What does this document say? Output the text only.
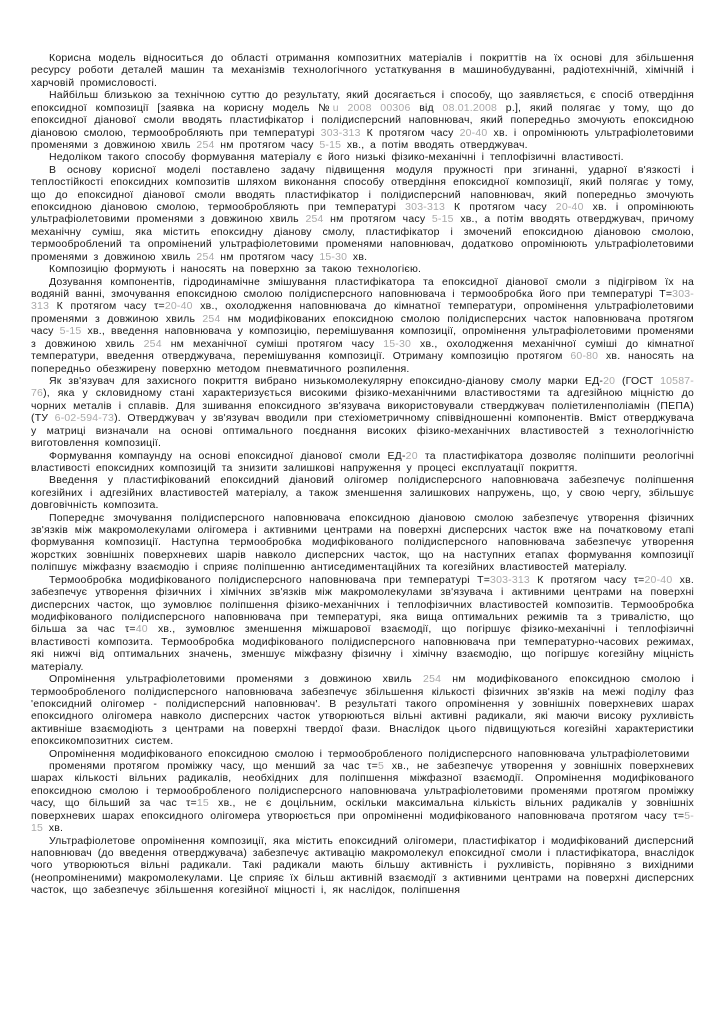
Корисна модель відноситься до області отримання композитних матеріалів і покриттів на їх основі для збільшення ресурсу роботи деталей машин та механізмів технологічного устаткування в машинобудуванні, радіотехнічній, хімічній і харчовій промисловості.

Найбільш близькою за технічною суттю до результату, який досягається і способу, що заявляється, є спосіб отвердіння епоксидної композиції [заявка на корисну модель №u 2008 00306 від 08.01.2008 р.], який полягає у тому, що до епоксидної діанової смоли вводять пластифікатор і полідисперсний наповнювач, який попередньо змочують епоксидною діановою смолою, термообробляють при температурі 303-313 К протягом часу 20-40 хв. і опромінюють ультрафіолетовими променями з довжиною хвиль 254 нм протягом часу 5-15 хв., а потім вводять отверджувач.

Недоліком такого способу формування матеріалу є його низькі фізико-механічні і теплофізичні властивості.

В основу корисної моделі поставлено задачу підвищення модуля пружності при згинанні, ударної в'язкості і теплостійкості епоксидних композитів шляхом виконання способу отвердіння епоксидної композиції, який полягає у тому, що до епоксидної діанової смоли вводять пластифікатор і полідисперсний наповнювач, який попередньо змочують епоксидною діановою смолою, термообробляють при температурі 303-313 К протягом часу 20-40 хв. і опромінюють ультрафіолетовими променями з довжиною хвиль 254 нм протягом часу 5-15 хв., а потім вводять отверджувач, причому механічну суміш, яка містить епоксидну діанову смолу, пластифікатор і змочений епоксидною діановою смолою, термооброблений та опромінений ультрафіолетовими променями наповнювач, додатково опромінюють ультрафіолетовими променями з довжиною хвиль 254 нм протягом часу 15-30 хв.

Композицію формують і наносять на поверхню за такою технологією.

Дозування компонентів, гідродинамічне змішування пластифікатора та епоксидної діанової смоли з підігрівом їх на водяній ванні, змочування епоксидною смолою полідисперсного наповнювача і термообробка його при температурі Т=303-313 К протягом часу τ=20-40 хв., охолодження наповнювача до кімнатної температури, опромінення ультрафіолетовими променями з довжиною хвиль 254 нм модифікованих епоксидною смолою полідисперсних часток наповнювача протягом часу 5-15 хв., введення наповнювача у композицію, перемішування композиції, опромінення ультрафіолетовими променями з довжиною хвиль 254 нм механічної суміші протягом часу 15-30 хв., охолодження механічної суміші до кімнатної температури, введення отверджувача, перемішування композиції. Отриману композицію протягом 60-80 хв. наносять на попередньо обезжирену поверхню методом пневматичного розпилення.

Як зв'язувач для захисного покриття вибрано низькомолекулярну епоксидно-діанову смолу марки ЕД-20 (ГОСТ 10587-76), яка у скловидному стані характеризується високими фізико-механічними властивостями та адгезійною міцністю до чорних металів і сплавів. Для зшивання епоксидного зв'язувача використовували стверджувач поліетиленполіамін (ПЕПА) (ТУ 6-02-594-73). Отверджувач у зв'язувач вводили при стехіометричному співвідношенні компонентів. Вміст отверджувача у матриці визначали на основі оптимального поєднання високих фізико-механічних властивостей з технологічністю виготовлення композиції.

Формування компаунду на основі епоксидної діанової смоли ЕД-20 та пластифікатора дозволяє поліпшити реологічні властивості епоксидних композицій та знизити залишкові напруження у процесі експлуатації покриття.

Введення у пластифікований епоксидний діановий олігомер полідисперсного наповнювача забезпечує поліпшення когезійних і адгезійних властивостей матеріалу, а також зменшення залишкових напружень, що, у свою чергу, збільшує довговічність композита.

Попереднє змочування полідисперсного наповнювача епоксидною діановою смолою забезпечує утворення фізичних зв'язків між макромолекулами олігомера і активними центрами на поверхні дисперсних часток вже на початковому етапі формування композиції. Наступна термообробка модифікованого полідисперсного наповнювача забезпечує утворення жорстких зовнішніх поверхневих шарів навколо дисперсних часток, що на наступних етапах формування композиції поліпшує міжфазну взаємодію і сприяє поліпшенню антиседиментаційних та когезійних властивостей матеріалу.

Термообробка модифікованого полідисперсного наповнювача при температурі Т=303-313 К протягом часу τ=20-40 хв. забезпечує утворення фізичних і хімічних зв'язків між макромолекулами зв'язувача і активними центрами на поверхні дисперсних часток, що зумовлює поліпшення фізико-механічних і теплофізичних властивостей композитів. Термообробка модифікованого полідисперсного наповнювача при температурі, яка вища оптимальних режимів та з тривалістю, що більша за час τ=40 хв., зумовлює зменшення міжшарової взаємодії, що погіршує фізико-механічні і теплофізичні властивості композита. Термообробка модифікованого полідисперсного наповнювача при температурно-часових режимах, які нижчі від оптимальних значень, зменшує міжфазну фізичну і хімічну взаємодію, що погіршує когезійну міцність матеріалу.

Опромінення ультрафіолетовими променями з довжиною хвиль 254 нм модифікованого епоксидною смолою і термообробленого полідисперсного наповнювача забезпечує збільшення кількості фізичних зв'язків на межі поділу фаз 'епоксидний олігомер - полідисперсний наповнювач'. В результаті такого опромінення у зовнішніх поверхневих шарах епоксидного олігомера навколо дисперсних часток утворюються вільні активні радикали, які маючи високу рухливість активніше взаємодіють з центрами на поверхні твердої фази. Внаслідок цього підвищуються когезійні характеристики епоксикомпозитних систем.

Опромінення модифікованого епоксидною смолою і термообробленого полідисперсного наповнювача ультрафіолетовими

променями протягом проміжку часу, що менший за час τ=5 хв., не забезпечує утворення у зовнішніх поверхневих шарах кількості вільних радикалів, необхідних для поліпшення міжфазної взаємодії. Опромінення модифікованого епоксидною смолою і термообробленого полідисперсного наповнювача ультрафіолетовими променями протягом проміжку часу, що більший за час τ=15 хв., не є доцільним, оскільки максимальна кількість вільних радикалів у зовнішніх поверхневих шарах епоксидного олігомера утворюється при опроміненні модифікованого наповнювача протягом часу τ=5-15 хв.

Ультрафіолетове опромінення композиції, яка містить епоксидний олігомери, пластифікатор і модифікований дисперсний наповнювач (до введення отверджувача) забезпечує активацію макромолекул епоксидної смоли і пластифікатора, внаслідок чого утворюються вільні радикали. Такі радикали мають більшу активність і рухливість, порівняно з вихідними (неопроміненими) макромолекулами. Це сприяє їх більш активній взаємодії з активними центрами на поверхні дисперсних часток, що забезпечує збільшення когезійної міцності і, як наслідок, поліпшення
